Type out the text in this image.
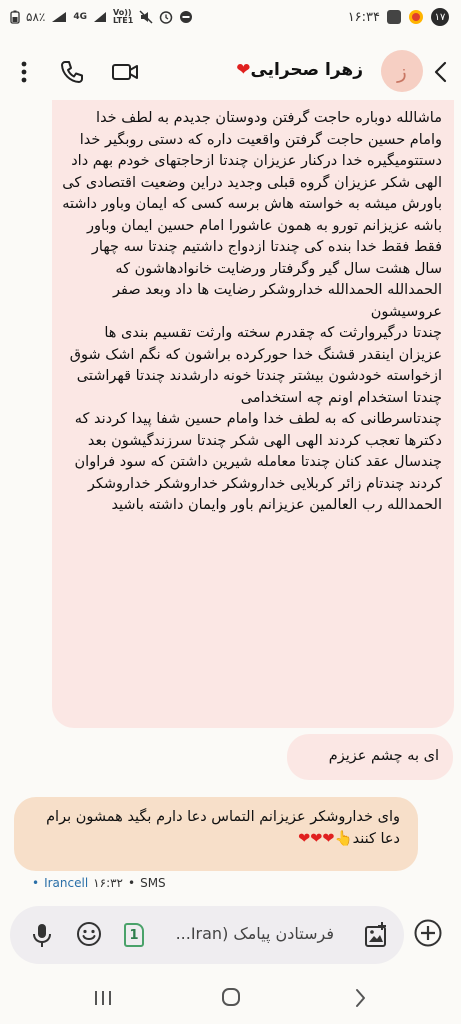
۵۸٪	4G	Vo))
LTE1	۱۶:۳۴	۱۷
زهرا صحرایی❤	ز
ماشالله دوباره حاجت گرفتن ودوستان جدیدم به لطف خدا وامام حسین حاجت گرفتن واقعیت داره که دستی روبگیر خدا دستتومیگیره خدا درکنار عزیزان چندتا ازحاجتهای خودم بهم داد الهی شکر عزیزان گروه قبلی وجدید دراین وضعیت اقتصادی کی باورش میشه به خواسته هاش برسه کسی که ایمان وباور داشته باشه عزیزانم تورو به همون عاشورا امام حسین ایمان وباور فقط فقط خدا بنده کی چندتا ازدواج داشتیم چندتا سه چهار سال هشت سال گیر وگرفتار ورضایت خانوادهاشون که الحمدالله الحمدالله خداروشکر رضایت ها داد وبعد صفر عروسیشون
چندتا درگیروارثت که چقدرم سخته وارثت تقسیم بندی ها عزیزان اینقدر قشنگ خدا حورکرده براشون که نگم اشک شوق ازخواسته خودشون بیشتر چندتا خونه دارشدند چندتا قهراشتی چندتا استخدام اونم چه استخدامی
چندتاسرطانی که به لطف خدا وامام حسین شفا پیدا کردند که دکترها تعجب کردند الهی الهی شکر چندتا سرزندگیشون بعد چندسال عقد کنان چندتا معامله شیرین داشتن که سود فراوان کردند چندتام زائر کربلایی خداروشکر خداروشکر خداروشکر الحمدالله رب العالمین عزیزانم باور وایمان داشته باشید
ای به چشم عزیزم
وای خداروشکر عزیزانم التماس دعا دارم بگید همشون برام دعا کنند👆❤❤❤
• Irancell ۱۶:۳۲ • SMS
1	فرستادن پیامک (Iran...
